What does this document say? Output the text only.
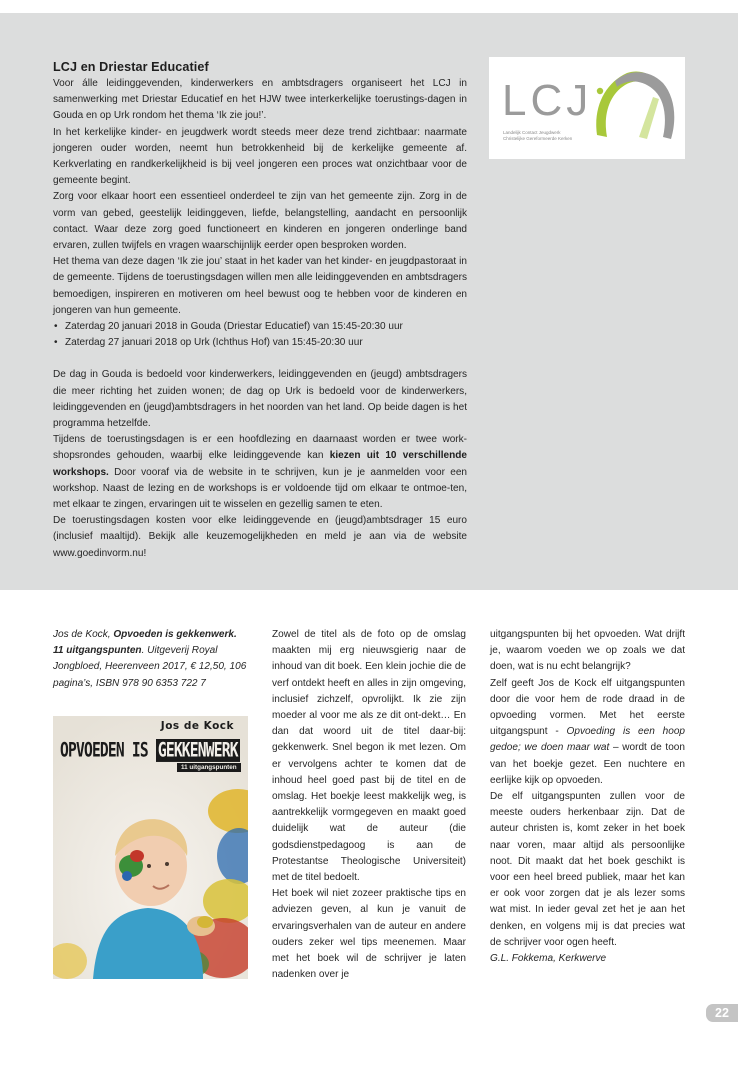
LCJ en Driestar Educatief

Voor álle leidinggevenden, kinderwerkers en ambtsdragers organiseert het LCJ in samenwerking met Driestar Educatief en het HJW twee interkerkelijke toerustings-dagen in Gouda en op Urk rondom het thema ‘Ik zie jou!’.

In het kerkelijke kinder- en jeugdwerk wordt steeds meer deze trend zichtbaar: naarmate jongeren ouder worden, neemt hun betrokkenheid bij de kerkelijke gemeente af. Kerkverlating en randkerkelijkheid is bij veel jongeren een proces wat onzichtbaar voor de gemeente begint.

Zorg voor elkaar hoort een essentieel onderdeel te zijn van het gemeente zijn. Zorg in de vorm van gebed, geestelijk leidinggeven, liefde, belangstelling, aandacht en persoonlijk contact. Waar deze zorg goed functioneert en kinderen en jongeren onderlinge band ervaren, zullen twijfels en vragen waarschijnlijk eerder open besproken worden.

Het thema van deze dagen ‘Ik zie jou’ staat in het kader van het kinder- en jeugdpastoraat in de gemeente. Tijdens de toerustingsdagen willen men alle leidinggevenden en ambtsdragers bemoedigen, inspireren en motiveren om heel bewust oog te hebben voor de kinderen en jongeren van hun gemeente.

• Zaterdag 20 januari 2018 in Gouda (Driestar Educatief) van 15:45-20:30 uur
• Zaterdag 27 januari 2018 op Urk (Ichthus Hof) van 15:45-20:30 uur

De dag in Gouda is bedoeld voor kinderwerkers, leidinggevenden en (jeugd) ambtsdragers die meer richting het zuiden wonen; de dag op Urk is bedoeld voor de kinderwerkers, leidinggevenden en (jeugd)ambtsdragers in het noorden van het land. Op beide dagen is het programma hetzelfde.

Tijdens de toerustingsdagen is er een hoofdlezing en daarnaast worden er twee work-shopsrondes gehouden, waarbij elke leidinggevende kan kiezen uit 10 verschillende workshops. Door vooraf via de website in te schrijven, kun je je aanmelden voor een workshop. Naast de lezing en de workshops is er voldoende tijd om elkaar te ontmoe-ten, met elkaar te zingen, ervaringen uit te wisselen en gezellig samen te eten.

De toerustingsdagen kosten voor elke leidinggevende en (jeugd)ambtsdrager 15 euro (inclusief maaltijd). Bekijk alle keuzemogelijkheden en meld je aan via de website www.goedinvorm.nu!

LCJ
Landelijk Contact Jeugdwerk
Christelijke Gereformeerde Kerken

Jos de Kock, Opvoeden is gekkenwerk. 11 uitgangspunten. Uitgeverij Royal Jongbloed, Heerenveen 2017, € 12,50, 106 pagina’s, ISBN 978 90 6353 722 7

Jos de Kock
OPVOEDEN IS GEKKENWERK
11 uitgangspunten

Zowel de titel als de foto op de omslag maakten mij erg nieuwsgierig naar de inhoud van dit boek. Een klein jochie die de verf ontdekt heeft en alles in zijn omgeving, inclusief zichzelf, opvrolijkt. Ik zie zijn moeder al voor me als ze dit ont-dekt… En dan dat woord uit de titel daar-bij: gekkenwerk. Snel begon ik met lezen. Om er vervolgens achter te komen dat de inhoud heel goed past bij de titel en de omslag. Het boekje leest makkelijk weg, is aantrekkelijk vormgegeven en maakt goed duidelijk wat de auteur (die godsdienstpedagoog is aan de Protestantse Theologische Universiteit) met de titel bedoelt.

Het boek wil niet zozeer praktische tips en adviezen geven, al kun je vanuit de ervaringsverhalen van de auteur en andere ouders zeker wel tips meenemen. Maar met het boek wil de schrijver je laten nadenken over je

uitgangspunten bij het opvoeden. Wat drijft je, waarom voeden we op zoals we dat doen, wat is nu echt belangrijk?

Zelf geeft Jos de Kock elf uitgangspunten door die voor hem de rode draad in de opvoeding vormen. Met het eerste uitgangspunt - Opvoeding is een hoop gedoe; we doen maar wat – wordt de toon van het boekje gezet. Een nuchtere en eerlijke kijk op opvoeden.

De elf uitgangspunten zullen voor de meeste ouders herkenbaar zijn. Dat de auteur christen is, komt zeker in het boek naar voren, maar altijd als persoonlijke noot. Dit maakt dat het boek geschikt is voor een heel breed publiek, maar het kan er ook voor zorgen dat je als lezer soms wat mist. In ieder geval zet het je aan het denken, en volgens mij is dat precies wat de schrijver voor ogen heeft.

G.L. Fokkema, Kerkwerve

22
